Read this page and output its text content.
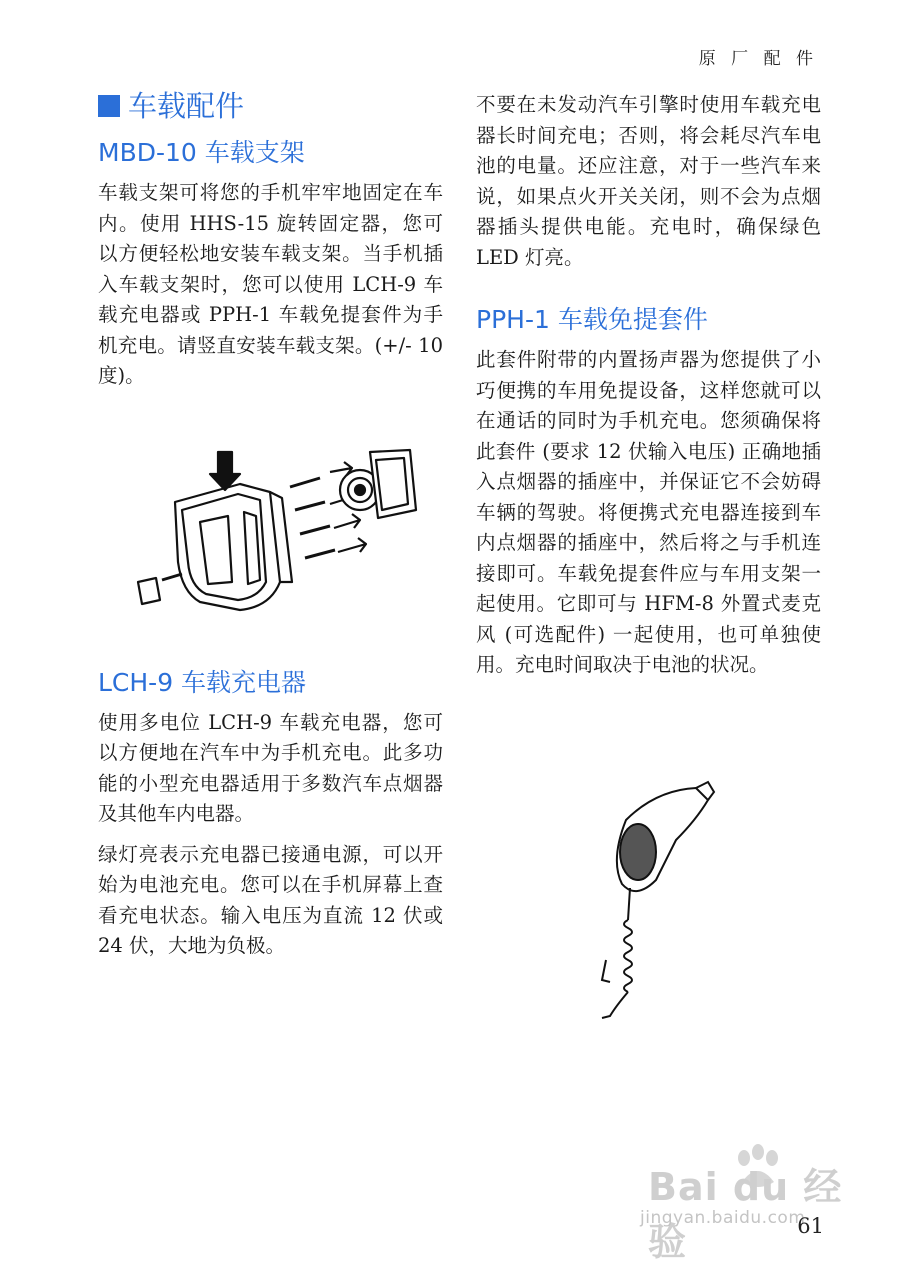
原 厂 配 件
车载配件
MBD-10 车载支架

车载支架可将您的手机牢牢地固定在车内。使用 HHS-15 旋转固定器，您可以方便轻松地安装车载支架。当手机插入车载支架时，您可以使用 LCH-9 车载充电器或 PPH-1 车载免提套件为手机充电。请竖直安装车载支架。(+/- 10 度)。

LCH-9 车载充电器

使用多电位 LCH-9 车载充电器，您可以方便地在汽车中为手机充电。此多功能的小型充电器适用于多数汽车点烟器及其他车内电器。

绿灯亮表示充电器已接通电源，可以开始为电池充电。您可以在手机屏幕上查看充电状态。输入电压为直流 12 伏或 24 伏，大地为负极。

不要在未发动汽车引擎时使用车载充电器长时间充电；否则，将会耗尽汽车电池的电量。还应注意，对于一些汽车来说，如果点火开关关闭，则不会为点烟器插头提供电能。充电时，确保绿色 LED 灯亮。

PPH-1 车载免提套件

此套件附带的内置扬声器为您提供了小巧便携的车用免提设备，这样您就可以在通话的同时为手机充电。您须确保将此套件 (要求 12 伏输入电压) 正确地插入点烟器的插座中，并保证它不会妨碍车辆的驾驶。将便携式充电器连接到车内点烟器的插座中，然后将之与手机连接即可。车载免提套件应与车用支架一起使用。它即可与 HFM-8 外置式麦克风 (可选配件) 一起使用，也可单独使用。充电时间取决于电池的状况。

Bai du 经验
jingyan.baidu.com
61
